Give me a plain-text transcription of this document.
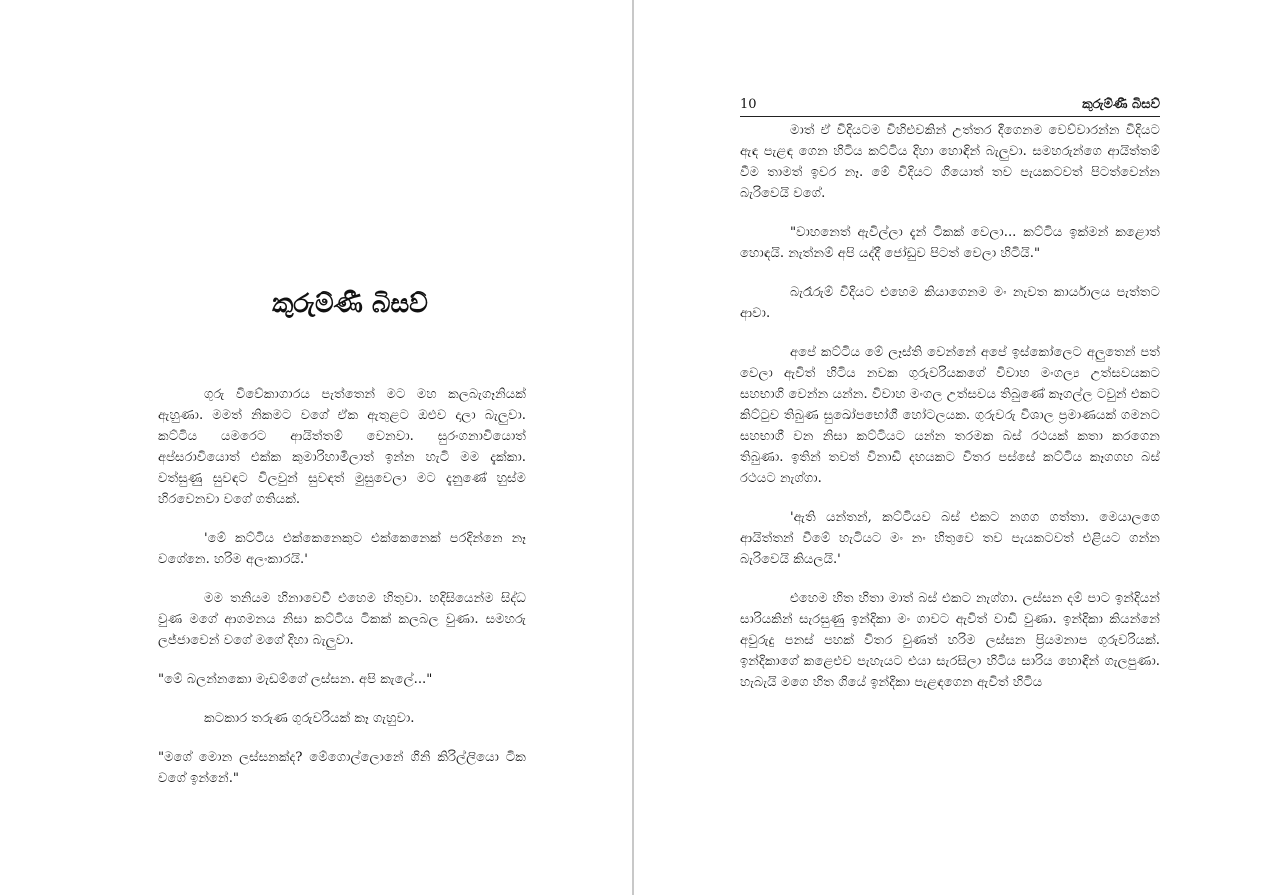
කුරුම්ණී බිසව්

ගුරු විවේකාගාරය පැත්තෙන් මට මහ කලබැගෑනියක් ඇහුණා. මමත් නිකමට වගේ ඒක ඇතුළට ඔළුව දාලා බැලුවා. කට්ටිය යමරෙට ආයිත්තම් වෙනවා. සුරංගනාවියොත් අප්සරාවියොත් එක්ක කුමාරිහාමිලාත් ඉන්න හැටි මම දැක්කා. වත්සුණු සුවඳට විලවුන් සුවඳත් මුසුවෙලා මට දැනුණේ හුස්ම හිරවෙනවා වගේ ගතියක්.

'මේ කට්ටිය එක්කෙනෙකුට එක්කෙනෙක් පරදින්නෙ නෑ වගේනෙ. හරිම අලංකාරයි.'

මම තනියම හිනාවෙවී එහෙම හිතුවා. හදිසියෙන්ම සිද්ධ වුණ මගේ ආගමනය නිසා කට්ටිය ටිකක් කලබල වුණා. සමහරු ලජ්ජාවෙන් වගේ මගේ දිහා බැලුවා.

"මේ බලන්නකො මැඩම්ගේ ලස්සන. අපි කැලේ..."

කටකාර තරුණ ගුරුවරියක් කෑ ගැහුවා.

"මගේ මොන ලස්සනක්ද? මේගොල්ලොනේ ගිනි කිරිල්ලියො ටික වගේ ඉන්නේ."

10	කුරුම්ණී බිසව්

මාත් ඒ විදියටම විහිළුවකින් උත්තර දීගෙනම වෙව්වාරන්න විදියට ඇඳ පැළඳ ගෙන හිටිය කට්ටිය දිහා හොඳින් බැලුවා. සමහරුන්ගෙ ආයිත්තම් වීම තාමත් ඉවර නෑ. මේ විදියට ගියොත් තව පැයකටවත් පිටත්වෙන්න බැරිවෙයි වගේ.

"වාහනෙත් ඇවිල්ලා දැන් ටිකක් වෙලා... කට්ටිය ඉක්මන් කළොත් හොඳයි. නැත්නම් අපි යද්දී ජෝඩුව පිටත් වෙලා හිටියි."

බැරෑරුම් විදියට එහෙම කියාගෙනම මං නැවත කාර්යාලය පැත්තට ආවා.

අපේ කට්ටිය මේ ලෑස්ති වෙන්නේ අපේ ඉස්කෝලෙට අලුතෙන් පත් වෙලා ඇවිත් හිටිය නවක ගුරුවරියකගේ විවාහ මංගල්‍ය උත්සවයකට සහභාගි වෙන්න යන්න. විවාහ මංගල උත්සවය තිබුණේ කෑගල්ල ටවුන් එකට කිට්ටුව තිබුණ සුඛෝපභෝගී හෝටලයක. ගුරුවරු විශාල ප්‍රමාණයක් ගමනට සහභාගී වන නිසා කට්ටියට යන්න තරමක බස් රථයක් කතා කරගෙන තිබුණා. ඉතින් තවත් විනාඩි දහයකට විතර පස්සේ කට්ටිය කෑගගහ බස් රථයට නැග්ගා.

'ඇති යන්තන්, කට්ටියව බස් එකට නගග ගත්තා. මෙයාලගෙ ආයිත්තන් වීමේ හැටියට මං නං හිතුවෙ තව පැයකටවත් එළියට ගන්න බැරිවෙයි කියලයි.'

එහෙම හිත හිතා මාත් බස් එකට නැග්ගා. ලස්සන දම් පාට ඉන්දියන් සාරියකින් සැරසුණු ඉන්දිකා මං ගාවට ඇවිත් වාඩි වුණා. ඉන්දිකා කියන්නේ අවුරුදු පනස් පහක් විතර වුණත් හරිම ලස්සන ප්‍රියමනාප ගුරුවරියක්. ඉන්දිකාගේ කළෙළුව පැහැයට එයා සැරසිලා හිටිය සාරිය හොඳින් ගැලපුණා. හැබැයි මගෙ හිත ගියේ ඉන්දිකා පැළඳගෙන ඇවිත් හිටිය
